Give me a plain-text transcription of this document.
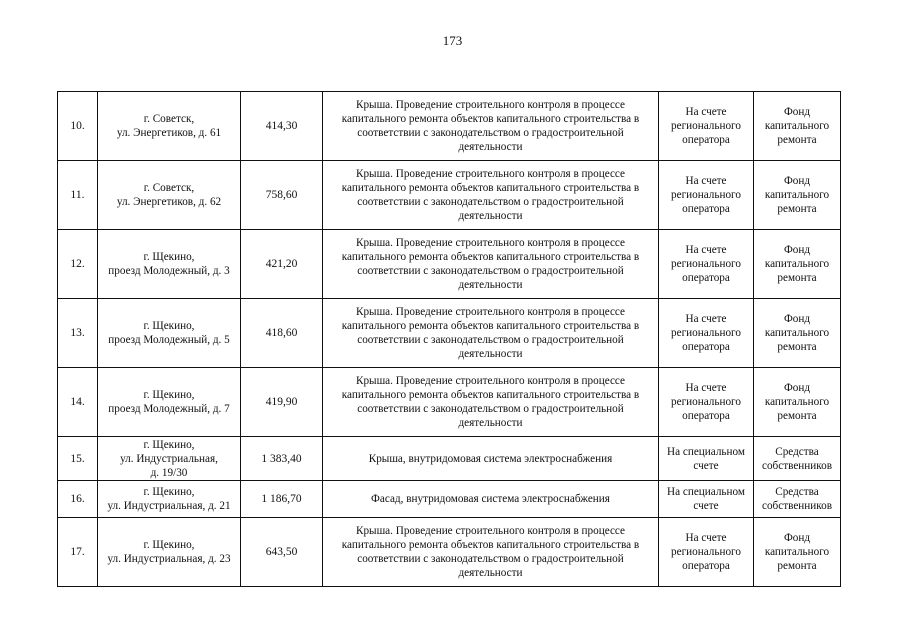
173
10.	г. Советск,
ул. Энергетиков, д. 61	414,30	Крыша. Проведение строительного контроля в процессе капитального ремонта объектов капитального строительства в соответствии с законодательством о градостроительной деятельности	На счете регионального оператора	Фонд капитального ремонта
11.	г. Советск,
ул. Энергетиков, д. 62	758,60	Крыша. Проведение строительного контроля в процессе капитального ремонта объектов капитального строительства в соответствии с законодательством о градостроительной деятельности	На счете регионального оператора	Фонд капитального ремонта
12.	г. Щекино,
проезд Молодежный, д. 3	421,20	Крыша. Проведение строительного контроля в процессе капитального ремонта объектов капитального строительства в соответствии с законодательством о градостроительной деятельности	На счете регионального оператора	Фонд капитального ремонта
13.	г. Щекино,
проезд Молодежный, д. 5	418,60	Крыша. Проведение строительного контроля в процессе капитального ремонта объектов капитального строительства в соответствии с законодательством о градостроительной деятельности	На счете регионального оператора	Фонд капитального ремонта
14.	г. Щекино,
проезд Молодежный, д. 7	419,90	Крыша. Проведение строительного контроля в процессе капитального ремонта объектов капитального строительства в соответствии с законодательством о градостроительной деятельности	На счете регионального оператора	Фонд капитального ремонта
15.	г. Щекино,
ул. Индустриальная,
д. 19/30	1 383,40	Крыша, внутридомовая система электроснабжения	На специальном счете	Средства собственников
16.	г. Щекино,
ул. Индустриальная, д. 21	1 186,70	Фасад, внутридомовая система электроснабжения	На специальном счете	Средства собственников
17.	г. Щекино,
ул. Индустриальная, д. 23	643,50	Крыша. Проведение строительного контроля в процессе капитального ремонта объектов капитального строительства в соответствии с законодательством о градостроительной деятельности	На счете регионального оператора	Фонд капитального ремонта
